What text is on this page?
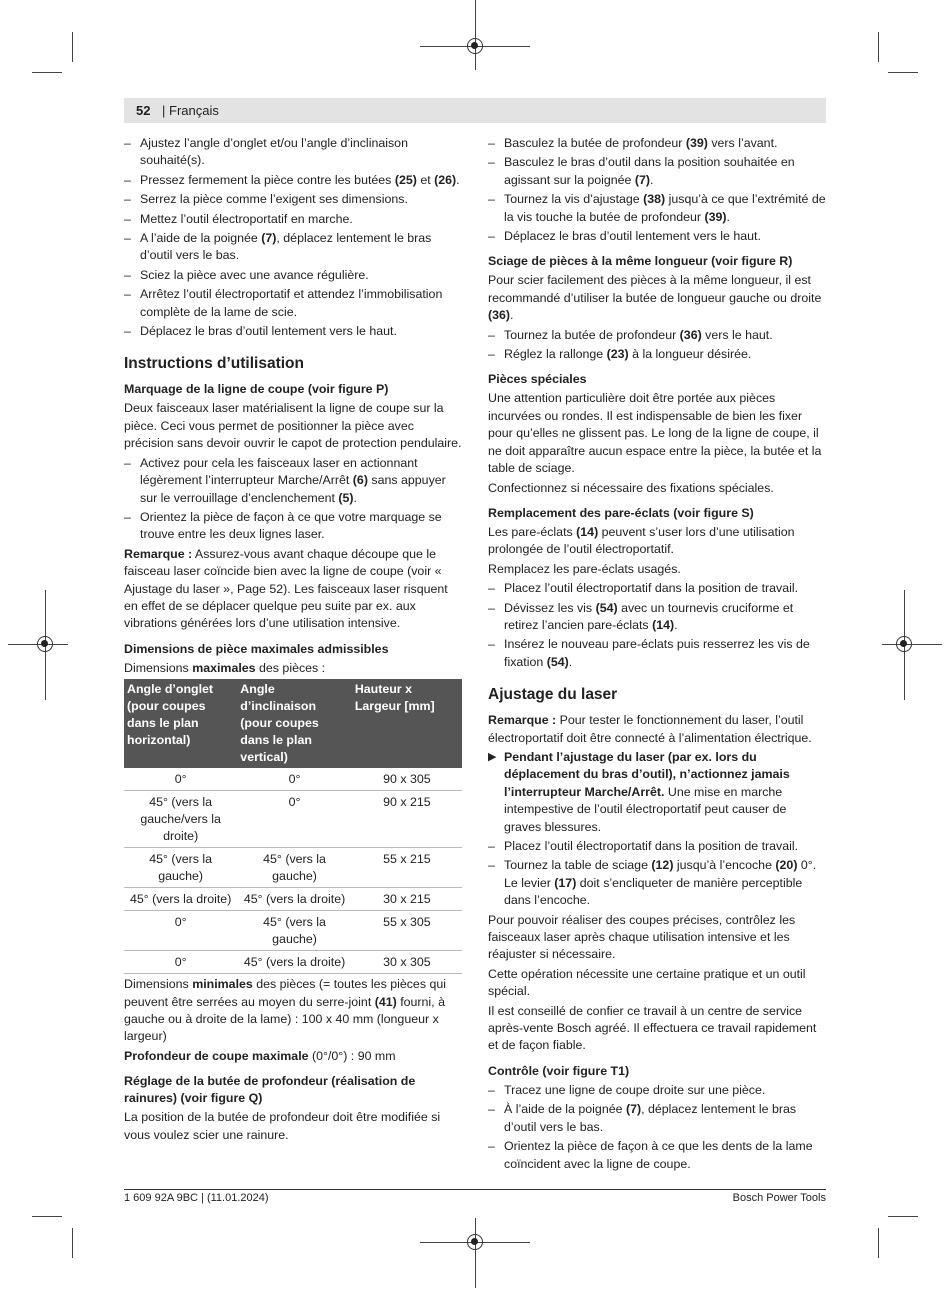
52 | Français
– Ajustez l’angle d’onglet et/ou l’angle d’inclinaison souhaité(s).
– Pressez fermement la pièce contre les butées (25) et (26).
– Serrez la pièce comme l’exigent ses dimensions.
– Mettez l’outil électroportatif en marche.
– A l’aide de la poignée (7), déplacez lentement le bras d’outil vers le bas.
– Sciez la pièce avec une avance régulière.
– Arrêtez l’outil électroportatif et attendez l’immobilisation complète de la lame de scie.
– Déplacez le bras d’outil lentement vers le haut.
Instructions d’utilisation
Marquage de la ligne de coupe (voir figure P)

Deux faisceaux laser matérialisent la ligne de coupe sur la pièce. Ceci vous permet de positionner la pièce avec précision sans devoir ouvrir le capot de protection pendulaire.

– Activez pour cela les faisceaux laser en actionnant légèrement l’interrupteur Marche/Arrêt (6) sans appuyer sur le verrouillage d’enclenchement (5).
– Orientez la pièce de façon à ce que votre marquage se trouve entre les deux lignes laser.

Remarque : Assurez-vous avant chaque découpe que le faisceau laser coïncide bien avec la ligne de coupe (voir « Ajustage du laser », Page 52). Les faisceaux laser risquent en effet de se déplacer quelque peu suite par ex. aux vibrations générées lors d’une utilisation intensive.

Dimensions de pièce maximales admissibles

Dimensions maximales des pièces :

Angle d’onglet (pour coupes dans le plan horizontal)	Angle d’inclinaison (pour coupes dans le plan vertical)	Hauteur x Largeur [mm]
0°	0°	90 x 305
45° (vers la gauche/vers la droite)	0°	90 x 215
45° (vers la gauche)	45° (vers la gauche)	55 x 215
45° (vers la droite)	45° (vers la droite)	30 x 215
0°	45° (vers la gauche)	55 x 305
0°	45° (vers la droite)	30 x 305

Dimensions minimales des pièces (= toutes les pièces qui peuvent être serrées au moyen du serre-joint (41) fourni, à gauche ou à droite de la lame) : 100 x 40 mm (longueur x largeur)

Profondeur de coupe maximale (0°/0°) : 90 mm

Réglage de la butée de profondeur (réalisation de rainures) (voir figure Q)

La position de la butée de profondeur doit être modifiée si vous voulez scier une rainure.

– Basculez la butée de profondeur (39) vers l’avant.
– Basculez le bras d’outil dans la position souhaitée en agissant sur la poignée (7).
– Tournez la vis d’ajustage (38) jusqu’à ce que l’extrémité de la vis touche la butée de profondeur (39).
– Déplacez le bras d’outil lentement vers le haut.
Sciage de pièces à la même longueur (voir figure R)

Pour scier facilement des pièces à la même longueur, il est recommandé d’utiliser la butée de longueur gauche ou droite (36).

– Tournez la butée de profondeur (36) vers le haut.
– Réglez la rallonge (23) à la longueur désirée.
Pièces spéciales

Une attention particulière doit être portée aux pièces incurvées ou rondes. Il est indispensable de bien les fixer pour qu’elles ne glissent pas. Le long de la ligne de coupe, il ne doit apparaître aucun espace entre la pièce, la butée et la table de sciage.

Confectionnez si nécessaire des fixations spéciales.

Remplacement des pare-éclats (voir figure S)

Les pare-éclats (14) peuvent s’user lors d’une utilisation prolongée de l’outil électroportatif.

Remplacez les pare-éclats usagés.

– Placez l’outil électroportatif dans la position de travail.
– Dévissez les vis (54) avec un tournevis cruciforme et retirez l’ancien pare-éclats (14).
– Insérez le nouveau pare-éclats puis resserrez les vis de fixation (54).
Ajustage du laser

Remarque : Pour tester le fonctionnement du laser, l’outil électroportatif doit être connecté à l’alimentation électrique.

▶ Pendant l’ajustage du laser (par ex. lors du déplacement du bras d’outil), n’actionnez jamais l’interrupteur Marche/Arrêt. Une mise en marche intempestive de l’outil électroportatif peut causer de graves blessures.
– Placez l’outil électroportatif dans la position de travail.
– Tournez la table de sciage (12) jusqu’à l’encoche (20) 0°. Le levier (17) doit s’encliqueter de manière perceptible dans l’encoche.

Pour pouvoir réaliser des coupes précises, contrôlez les faisceaux laser après chaque utilisation intensive et les réajuster si nécessaire.

Cette opération nécessite une certaine pratique et un outil spécial.

Il est conseillé de confier ce travail à un centre de service après-vente Bosch agréé. Il effectuera ce travail rapidement et de façon fiable.

Contrôle (voir figure T1)
– Tracez une ligne de coupe droite sur une pièce.
– À l’aide de la poignée (7), déplacez lentement le bras d’outil vers le bas.
– Orientez la pièce de façon à ce que les dents de la lame coïncident avec la ligne de coupe.
1 609 92A 9BC | (11.01.2024)	Bosch Power Tools
